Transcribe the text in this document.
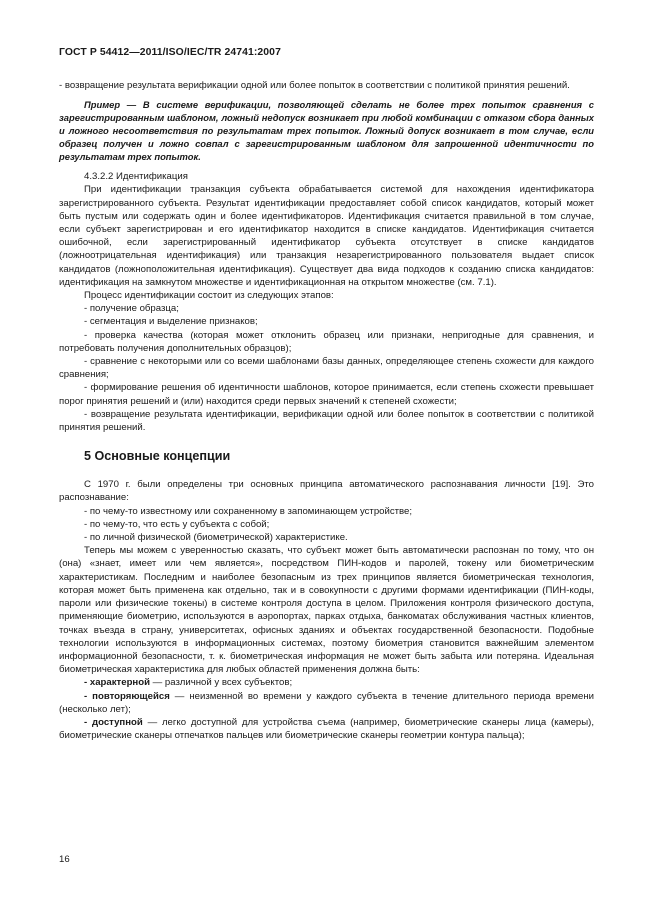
ГОСТ Р 54412—2011/ISO/IEC/TR 24741:2007

- возвращение результата верификации одной или более попыток в соответствии с политикой принятия решений.

Пример — В системе верификации, позволяющей сделать не более трех попыток сравнения с зарегистрированным шаблоном, ложный недопуск возникает при любой комбинации с отказом сбора данных и ложного несоответствия по результатам трех попыток. Ложный допуск возникает в том случае, если образец получен и ложно совпал с зарегистрированным шаблоном для запрошенной идентичности по результатам трех попыток.

4.3.2.2 Идентификация

При идентификации транзакция субъекта обрабатывается системой для нахождения идентификатора зарегистрированного субъекта. Результат идентификации предоставляет собой список кандидатов, который может быть пустым или содержать один и более идентификаторов. Идентификация считается правильной в том случае, если субъект зарегистрирован и его идентификатор находится в списке кандидатов. Идентификация считается ошибочной, если зарегистрированный идентификатор субъекта отсутствует в списке кандидатов (ложноотрицательная идентификация) или транзакция незарегистрированного пользователя выдает список кандидатов (ложноположительная идентификация). Существует два вида подходов к созданию списка кандидатов: идентификация на замкнутом множестве и идентификационная на открытом множестве (см. 7.1).

Процесс идентификации состоит из следующих этапов:

- получение образца;

- сегментация и выделение признаков;

- проверка качества (которая может отклонить образец или признаки, непригодные для сравнения, и потребовать получения дополнительных образцов);

- сравнение с некоторыми или со всеми шаблонами базы данных, определяющее степень схожести для каждого сравнения;

- формирование решения об идентичности шаблонов, которое принимается, если степень схожести превышает порог принятия решений и (или) находится среди первых значений к степеней схожести;

- возвращение результата идентификации, верификации одной или более попыток в соответствии с политикой принятия решений.

5 Основные концепции

С 1970 г. были определены три основных принципа автоматического распознавания личности [19]. Это распознавание:

- по чему-то известному или сохраненному в запоминающем устройстве;

- по чему-то, что есть у субъекта с собой;

- по личной физической (биометрической) характеристике.

Теперь мы можем с уверенностью сказать, что субъект может быть автоматически распознан по тому, что он (она) «знает, имеет или чем является», посредством ПИН-кодов и паролей, токену или биометрическим характеристикам. Последним и наиболее безопасным из трех принципов является биометрическая технология, которая может быть применена как отдельно, так и в совокупности с другими формами идентификации (ПИН-коды, пароли или физические токены) в системе контроля доступа в целом. Приложения контроля физического доступа, применяющие биометрию, используются в аэропортах, парках отдыха, банкоматах обслуживания частных клиентов, точках въезда в страну, университетах, офисных зданиях и объектах государственной безопасности. Подобные технологии используются в информационных системах, поэтому биометрия становится важнейшим элементом информационной безопасности, т. к. биометрическая информация не может быть забыта или потеряна. Идеальная биометрическая характеристика для любых областей применения должна быть:

- характерной — различной у всех субъектов;

- повторяющейся — неизменной во времени у каждого субъекта в течение длительного периода времени (несколько лет);

- доступной — легко доступной для устройства съема (например, биометрические сканеры лица (камеры), биометрические сканеры отпечатков пальцев или биометрические сканеры геометрии контура пальца);

16
